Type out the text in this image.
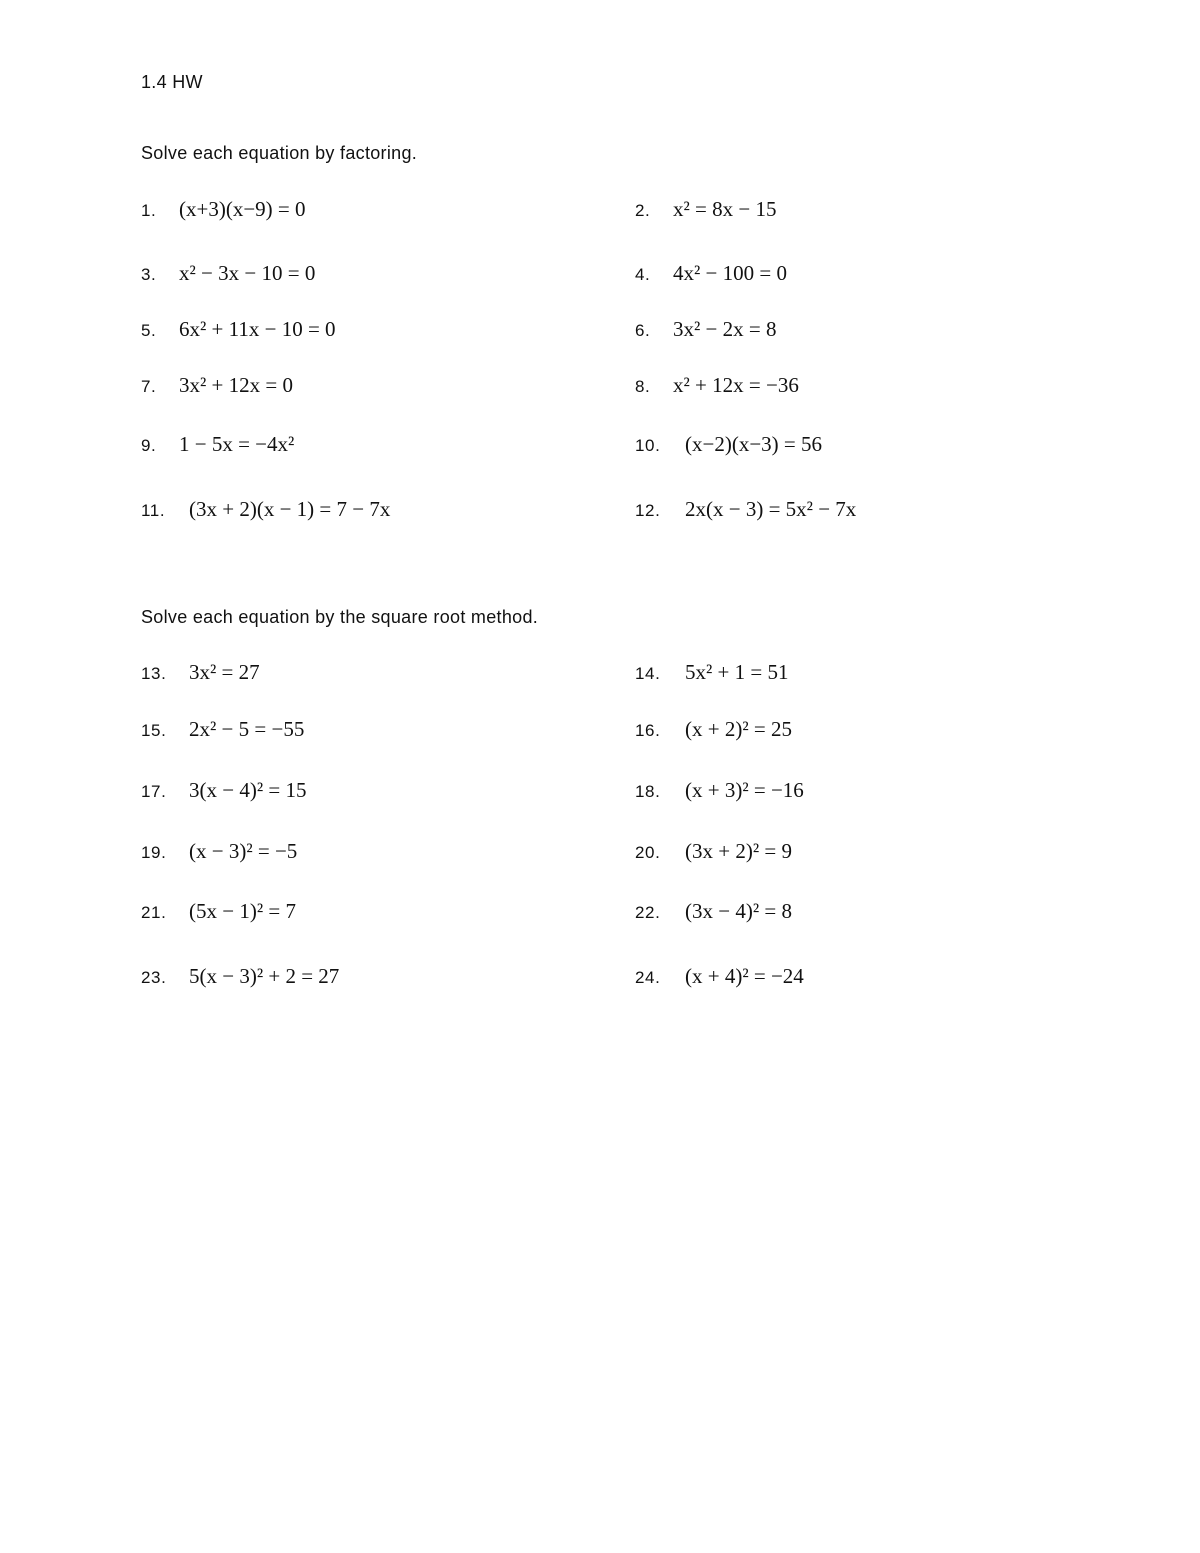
1.4 HW
Solve each equation by factoring.
1.	(x+3)(x−9) = 0	2.	x² = 8x − 15
3.	x² − 3x − 10 = 0	4.	4x² − 100 = 0
5.	6x² + 11x − 10 = 0	6.	3x² − 2x = 8
7.	3x² + 12x = 0	8.	x² + 12x = −36
9.	1 − 5x = −4x²	10.	(x−2)(x−3) = 56
11.	(3x + 2)(x − 1) = 7 − 7x	12.	2x(x − 3) = 5x² − 7x
Solve each equation by the square root method.
13.	3x² = 27	14.	5x² + 1 = 51
15.	2x² − 5 = −55	16.	(x + 2)² = 25
17.	3(x − 4)² = 15	18.	(x + 3)² = −16
19.	(x − 3)² = −5	20.	(3x + 2)² = 9
21.	(5x − 1)² = 7	22.	(3x − 4)² = 8
23.	5(x − 3)² + 2 = 27	24.	(x + 4)² = −24
